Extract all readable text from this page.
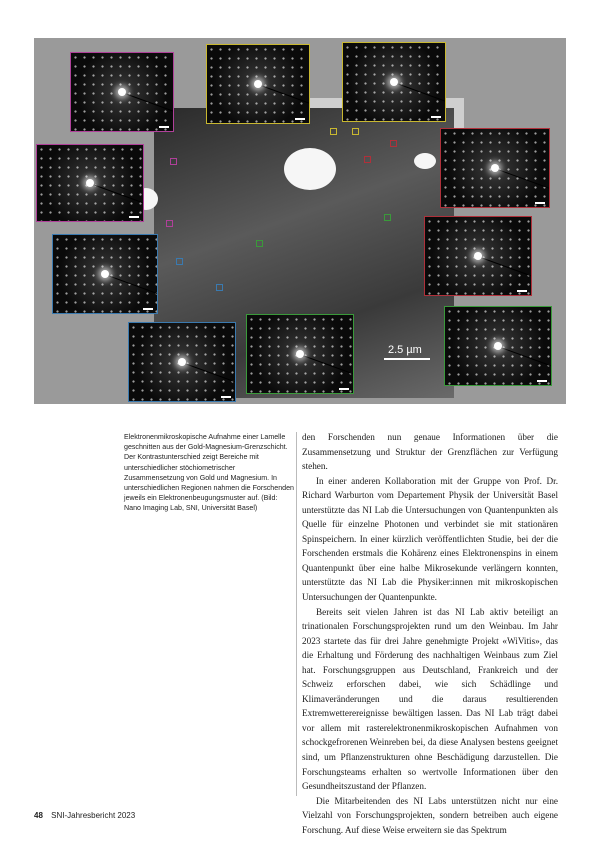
2.5 µm

Elektronenmikroskopische Aufnahme einer Lamelle geschnitten aus der Gold-Magnesium-Grenzschicht. Der Kontrastunterschied zeigt Bereiche mit unterschiedlicher stöchiometrischer Zusammensetzung von Gold und Magnesium. In unterschiedlichen Regionen nahmen die Forschenden jeweils ein Elektronenbeugungsmuster auf. (Bild: Nano Imaging Lab, SNI, Universität Basel)

den Forschenden nun genaue Informationen über die Zusammensetzung und Struktur der Grenzflächen zur Verfügung stehen.

In einer anderen Kollaboration mit der Gruppe von Prof. Dr. Richard Warburton vom Departement Physik der Universität Basel unterstützte das NI Lab die Untersuchungen von Quantenpunkten als Quelle für einzelne Photonen und verbindet sie mit stationären Spinspeichern. In einer kürzlich veröffentlichten Studie, bei der die Forschenden erstmals die Kohärenz eines Elektronenspins in einem Quantenpunkt über eine halbe Mikrosekunde verlängern konnten, unterstützte das NI Lab die Physiker:innen mit mikroskopischen Untersuchungen der Quantenpunkte.

Bereits seit vielen Jahren ist das NI Lab aktiv beteiligt an trinationalen Forschungsprojekten rund um den Weinbau. Im Jahr 2023 startete das für drei Jahre genehmigte Projekt «WiVitis», das die Erhaltung und Förderung des nachhaltigen Weinbaus zum Ziel hat. Forschungsgruppen aus Deutschland, Frankreich und der Schweiz erforschen dabei, wie sich Schädlinge und Klimaveränderungen und die daraus resultierenden Extremwetterereignisse bewältigen lassen. Das NI Lab trägt dabei vor allem mit rasterelektronenmikroskopischen Aufnahmen von schockgefrorenen Weinreben bei, da diese Analysen bestens geeignet sind, um Pflanzenstrukturen ohne Beschädigung darzustellen. Die Forschungsteams erhalten so wertvolle Informationen über den Gesundheitszustand der Pflanzen.

Die Mitarbeitenden des NI Labs unterstützen nicht nur eine Vielzahl von Forschungsprojekten, sondern betreiben auch eigene Forschung. Auf diese Weise erweitern sie das Spektrum

48 SNI-Jahresbericht 2023
